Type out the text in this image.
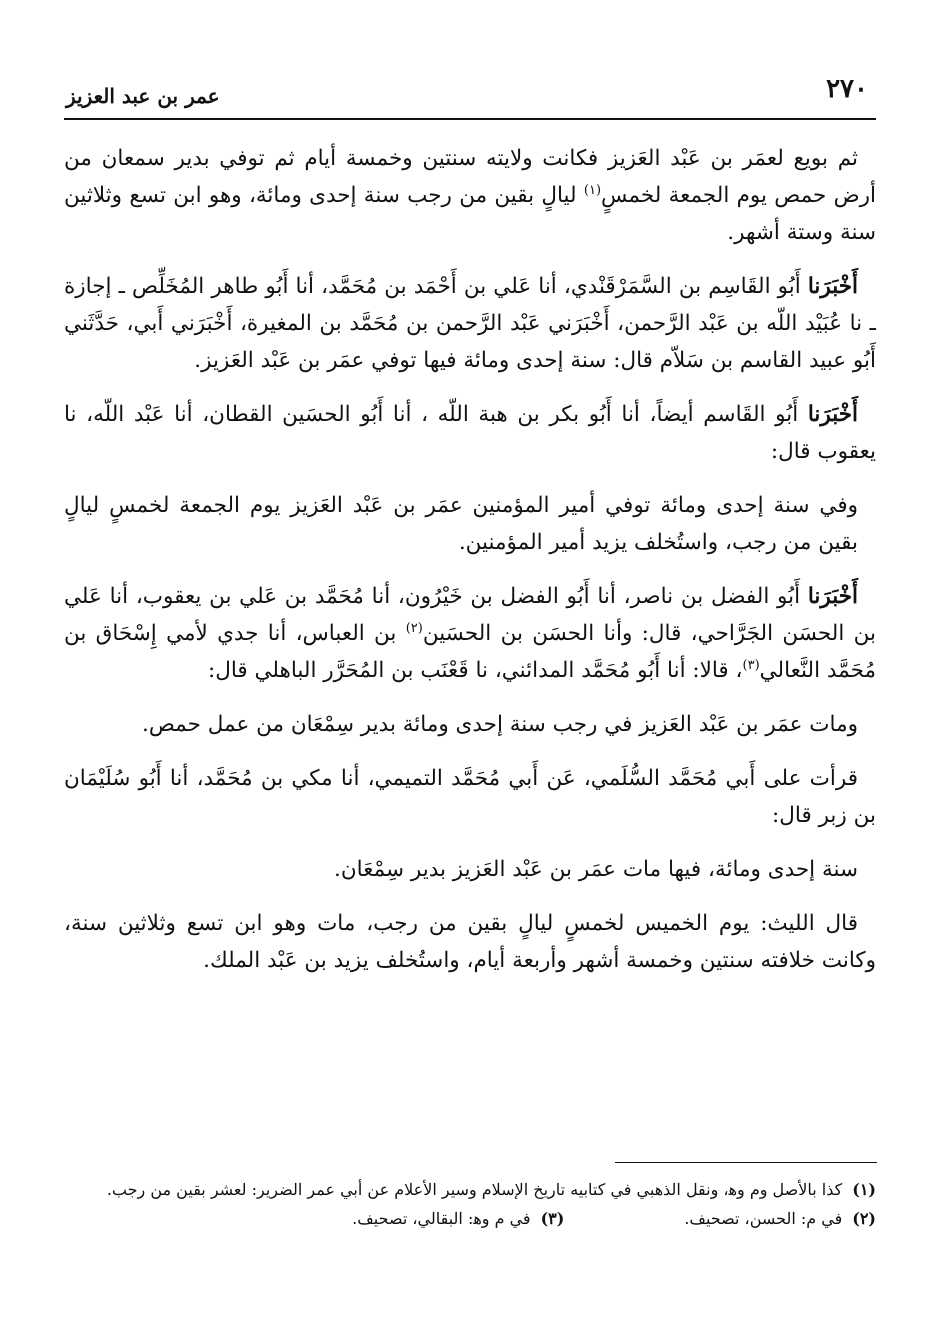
٢٧٠
عمر بن عبد العزيز

ثم بويع لعمَر بن عَبْد العَزيز فكانت ولايته سنتين وخمسة أيام ثم توفي بدير سمعان من أرض حمص يوم الجمعة لخمسٍ$^{(١)}$ ليالٍ بقين من رجب سنة إحدى ومائة، وهو ابن تسع وثلاثين سنة وستة أشهر.

أَخْبَرَنا أَبُو القَاسِم بن السَّمَرْقَنْدي، أنا عَلي بن أَحْمَد بن مُحَمَّد، أنا أَبُو طاهر المُخَلِّص ـ إجازة ـ نا عُبَيْد اللّه بن عَبْد الرَّحمن، أَخْبَرَني عَبْد الرَّحمن بن مُحَمَّد بن المغيرة، أَخْبَرَني أَبي، حَدَّثَني أَبُو عبيد القاسم بن سَلاّم قال: سنة إحدى ومائة فيها توفي عمَر بن عَبْد العَزيز.

أَخْبَرَنا أَبُو القَاسم أيضاً، أنا أَبُو بكر بن هبة اللّه ، أنا أَبُو الحسَين القطان، أنا عَبْد اللّه، نا يعقوب قال:

وفي سنة إحدى ومائة توفي أمير المؤمنين عمَر بن عَبْد العَزيز يوم الجمعة لخمسٍ ليالٍ بقين من رجب، واستُخلف يزيد أمير المؤمنين.

أَخْبَرَنا أَبُو الفضل بن ناصر، أنا أَبُو الفضل بن خَيْرُون، أنا مُحَمَّد بن عَلي بن يعقوب، أنا عَلي بن الحسَن الجَرَّاحي، قال: وأنا الحسَن بن الحسَين$^{(٢)}$ بن العباس، أنا جدي لأمي إِسْحَاق بن مُحَمَّد النَّعالي$^{(٣)}$، قالا: أنا أَبُو مُحَمَّد المدائني، نا قَعْنَب بن المُحَرَّر الباهلي قال:

ومات عمَر بن عَبْد العَزيز في رجب سنة إحدى ومائة بدير سِمْعَان من عمل حمص.

قرأت على أَبي مُحَمَّد السُّلَمي، عَن أَبي مُحَمَّد التميمي، أنا مكي بن مُحَمَّد، أنا أَبُو سُلَيْمَان بن زبر قال:

سنة إحدى ومائة، فيها مات عمَر بن عَبْد العَزيز بدير سِمْعَان.

قال الليث: يوم الخميس لخمسٍ ليالٍ بقين من رجب، مات وهو ابن تسع وثلاثين سنة، وكانت خلافته سنتين وخمسة أشهر وأربعة أيام، واستُخلف يزيد بن عَبْد الملك.

(١)كذا بالأصل وم وﻫ، ونقل الذهبي في كتابيه تاريخ الإسلام وسير الأعلام عن أبي عمر الضرير: لعشر بقين من رجب.

(٢)في م: الحسن، تصحيف.

(٣)في م وﻫ: البقالي، تصحيف.
